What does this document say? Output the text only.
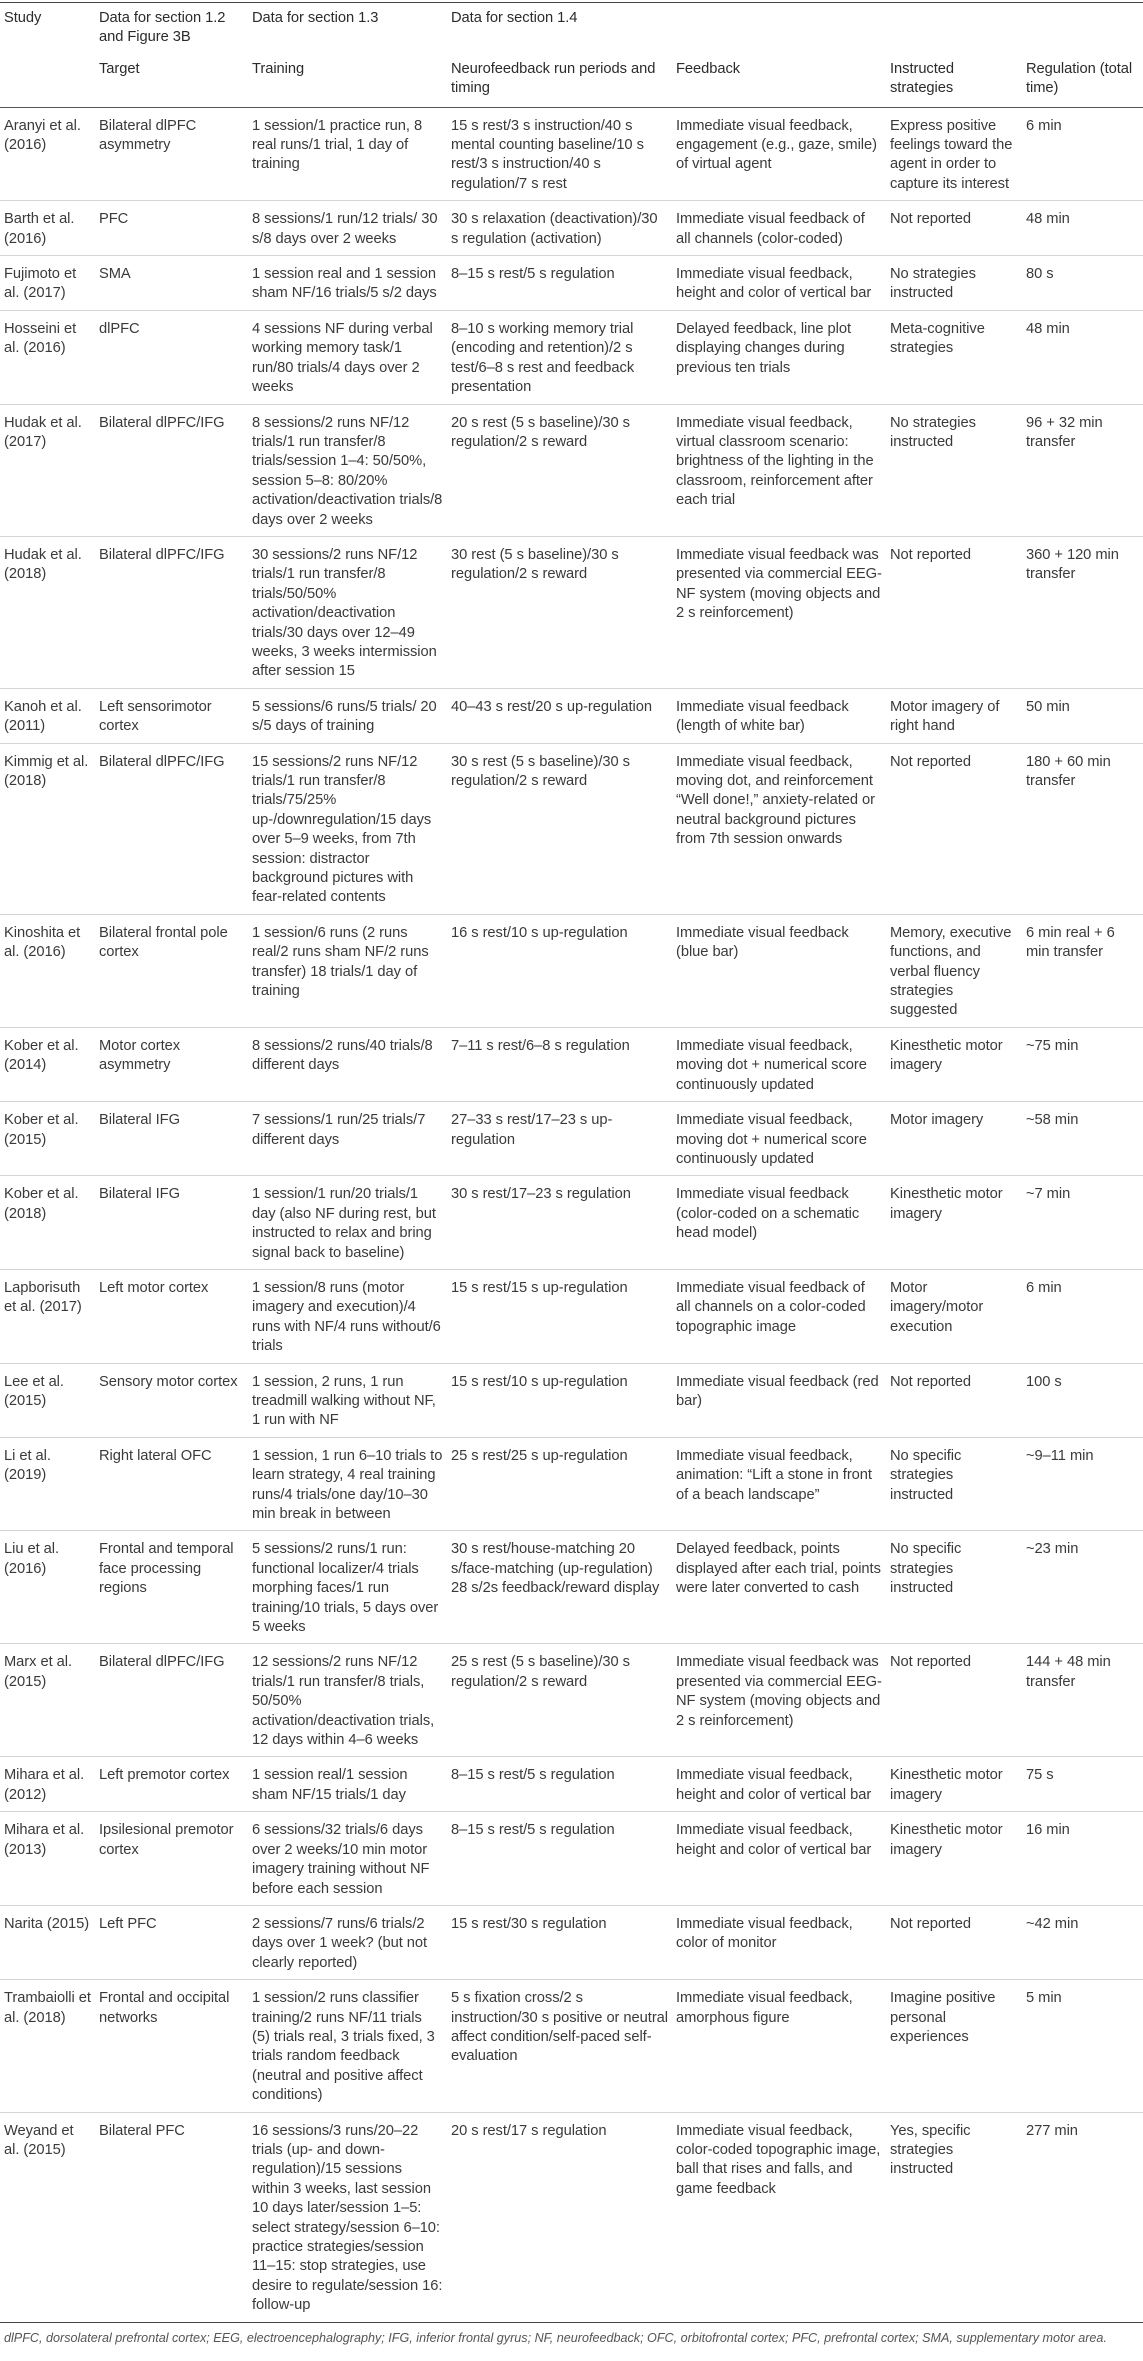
Study	Data for section 1.2 and Figure 3B	Data for section 1.3	Data for section 1.4			
	Target	Training	Neurofeedback run periods and timing	Feedback	Instructed strategies	Regulation (total time)
Aranyi et al. (2016)	Bilateral dlPFC asymmetry	1 session/1 practice run, 8 real runs/1 trial, 1 day of training	15 s rest/3 s instruction/40 s mental counting baseline/10 s rest/3 s instruction/40 s regulation/7 s rest	Immediate visual feedback, engagement (e.g., gaze, smile) of virtual agent	Express positive feelings toward the agent in order to capture its interest	6 min
Barth et al. (2016)	PFC	8 sessions/1 run/12 trials/ 30 s/8 days over 2 weeks	30 s relaxation (deactivation)/30 s regulation (activation)	Immediate visual feedback of all channels (color-coded)	Not reported	48 min
Fujimoto et al. (2017)	SMA	1 session real and 1 session sham NF/16 trials/5 s/2 days	8–15 s rest/5 s regulation	Immediate visual feedback, height and color of vertical bar	No strategies instructed	80 s
Hosseini et al. (2016)	dlPFC	4 sessions NF during verbal working memory task/1 run/80 trials/4 days over 2 weeks	8–10 s working memory trial (encoding and retention)/2 s test/6–8 s rest and feedback presentation	Delayed feedback, line plot displaying changes during previous ten trials	Meta-cognitive strategies	48 min
Hudak et al. (2017)	Bilateral dlPFC/IFG	8 sessions/2 runs NF/12 trials/1 run transfer/8 trials/session 1–4: 50/50%, session 5–8: 80/20% activation/deactivation trials/8 days over 2 weeks	20 s rest (5 s baseline)/30 s regulation/2 s reward	Immediate visual feedback, virtual classroom scenario: brightness of the lighting in the classroom, reinforcement after each trial	No strategies instructed	96 + 32 min transfer
Hudak et al. (2018)	Bilateral dlPFC/IFG	30 sessions/2 runs NF/12 trials/1 run transfer/8 trials/50/50% activation/deactivation trials/30 days over 12–49 weeks, 3 weeks intermission after session 15	30 rest (5 s baseline)/30 s regulation/2 s reward	Immediate visual feedback was presented via commercial EEG-NF system (moving objects and 2 s reinforcement)	Not reported	360 + 120 min transfer
Kanoh et al. (2011)	Left sensorimotor cortex	5 sessions/6 runs/5 trials/ 20 s/5 days of training	40–43 s rest/20 s up-regulation	Immediate visual feedback (length of white bar)	Motor imagery of right hand	50 min
Kimmig et al. (2018)	Bilateral dlPFC/IFG	15 sessions/2 runs NF/12 trials/1 run transfer/8 trials/75/25% up-/downregulation/15 days over 5–9 weeks, from 7th session: distractor background pictures with fear-related contents	30 s rest (5 s baseline)/30 s regulation/2 s reward	Immediate visual feedback, moving dot, and reinforcement “Well done!,” anxiety-related or neutral background pictures from 7th session onwards	Not reported	180 + 60 min transfer
Kinoshita et al. (2016)	Bilateral frontal pole cortex	1 session/6 runs (2 runs real/2 runs sham NF/2 runs transfer) 18 trials/1 day of training	16 s rest/10 s up-regulation	Immediate visual feedback (blue bar)	Memory, executive functions, and verbal fluency strategies suggested	6 min real + 6 min transfer
Kober et al. (2014)	Motor cortex asymmetry	8 sessions/2 runs/40 trials/8 different days	7–11 s rest/6–8 s regulation	Immediate visual feedback, moving dot + numerical score continuously updated	Kinesthetic motor imagery	~75 min
Kober et al. (2015)	Bilateral IFG	7 sessions/1 run/25 trials/7 different days	27–33 s rest/17–23 s up-regulation	Immediate visual feedback, moving dot + numerical score continuously updated	Motor imagery	~58 min
Kober et al. (2018)	Bilateral IFG	1 session/1 run/20 trials/1 day (also NF during rest, but instructed to relax and bring signal back to baseline)	30 s rest/17–23 s regulation	Immediate visual feedback (color-coded on a schematic head model)	Kinesthetic motor imagery	~7 min
Lapborisuth et al. (2017)	Left motor cortex	1 session/8 runs (motor imagery and execution)/4 runs with NF/4 runs without/6 trials	15 s rest/15 s up-regulation	Immediate visual feedback of all channels on a color-coded topographic image	Motor imagery/motor execution	6 min
Lee et al. (2015)	Sensory motor cortex	1 session, 2 runs, 1 run treadmill walking without NF, 1 run with NF	15 s rest/10 s up-regulation	Immediate visual feedback (red bar)	Not reported	100 s
Li et al. (2019)	Right lateral OFC	1 session, 1 run 6–10 trials to learn strategy, 4 real training runs/4 trials/one day/10–30 min break in between	25 s rest/25 s up-regulation	Immediate visual feedback, animation: “Lift a stone in front of a beach landscape”	No specific strategies instructed	~9–11 min
Liu et al. (2016)	Frontal and temporal face processing regions	5 sessions/2 runs/1 run: functional localizer/4 trials morphing faces/1 run training/10 trials, 5 days over 5 weeks	30 s rest/house-matching 20 s/face-matching (up-regulation) 28 s/2s feedback/reward display	Delayed feedback, points displayed after each trial, points were later converted to cash	No specific strategies instructed	~23 min
Marx et al. (2015)	Bilateral dlPFC/IFG	12 sessions/2 runs NF/12 trials/1 run transfer/8 trials, 50/50% activation/deactivation trials, 12 days within 4–6 weeks	25 s rest (5 s baseline)/30 s regulation/2 s reward	Immediate visual feedback was presented via commercial EEG-NF system (moving objects and 2 s reinforcement)	Not reported	144 + 48 min transfer
Mihara et al. (2012)	Left premotor cortex	1 session real/1 session sham NF/15 trials/1 day	8–15 s rest/5 s regulation	Immediate visual feedback, height and color of vertical bar	Kinesthetic motor imagery	75 s
Mihara et al. (2013)	Ipsilesional premotor cortex	6 sessions/32 trials/6 days over 2 weeks/10 min motor imagery training without NF before each session	8–15 s rest/5 s regulation	Immediate visual feedback, height and color of vertical bar	Kinesthetic motor imagery	16 min
Narita (2015)	Left PFC	2 sessions/7 runs/6 trials/2 days over 1 week? (but not clearly reported)	15 s rest/30 s regulation	Immediate visual feedback, color of monitor	Not reported	~42 min
Trambaiolli et al. (2018)	Frontal and occipital networks	1 session/2 runs classifier training/2 runs NF/11 trials (5) trials real, 3 trials fixed, 3 trials random feedback (neutral and positive affect conditions)	5 s fixation cross/2 s instruction/30 s positive or neutral affect condition/self-paced self-evaluation	Immediate visual feedback, amorphous figure	Imagine positive personal experiences	5 min
Weyand et al. (2015)	Bilateral PFC	16 sessions/3 runs/20–22 trials (up- and down-regulation)/15 sessions within 3 weeks, last session 10 days later/session 1–5: select strategy/session 6–10: practice strategies/session 11–15: stop strategies, use desire to regulate/session 16: follow-up	20 s rest/17 s regulation	Immediate visual feedback, color-coded topographic image, ball that rises and falls, and game feedback	Yes, specific strategies instructed	277 min
dlPFC, dorsolateral prefrontal cortex; EEG, electroencephalography; IFG, inferior frontal gyrus; NF, neurofeedback; OFC, orbitofrontal cortex; PFC, prefrontal cortex; SMA, supplementary motor area.
